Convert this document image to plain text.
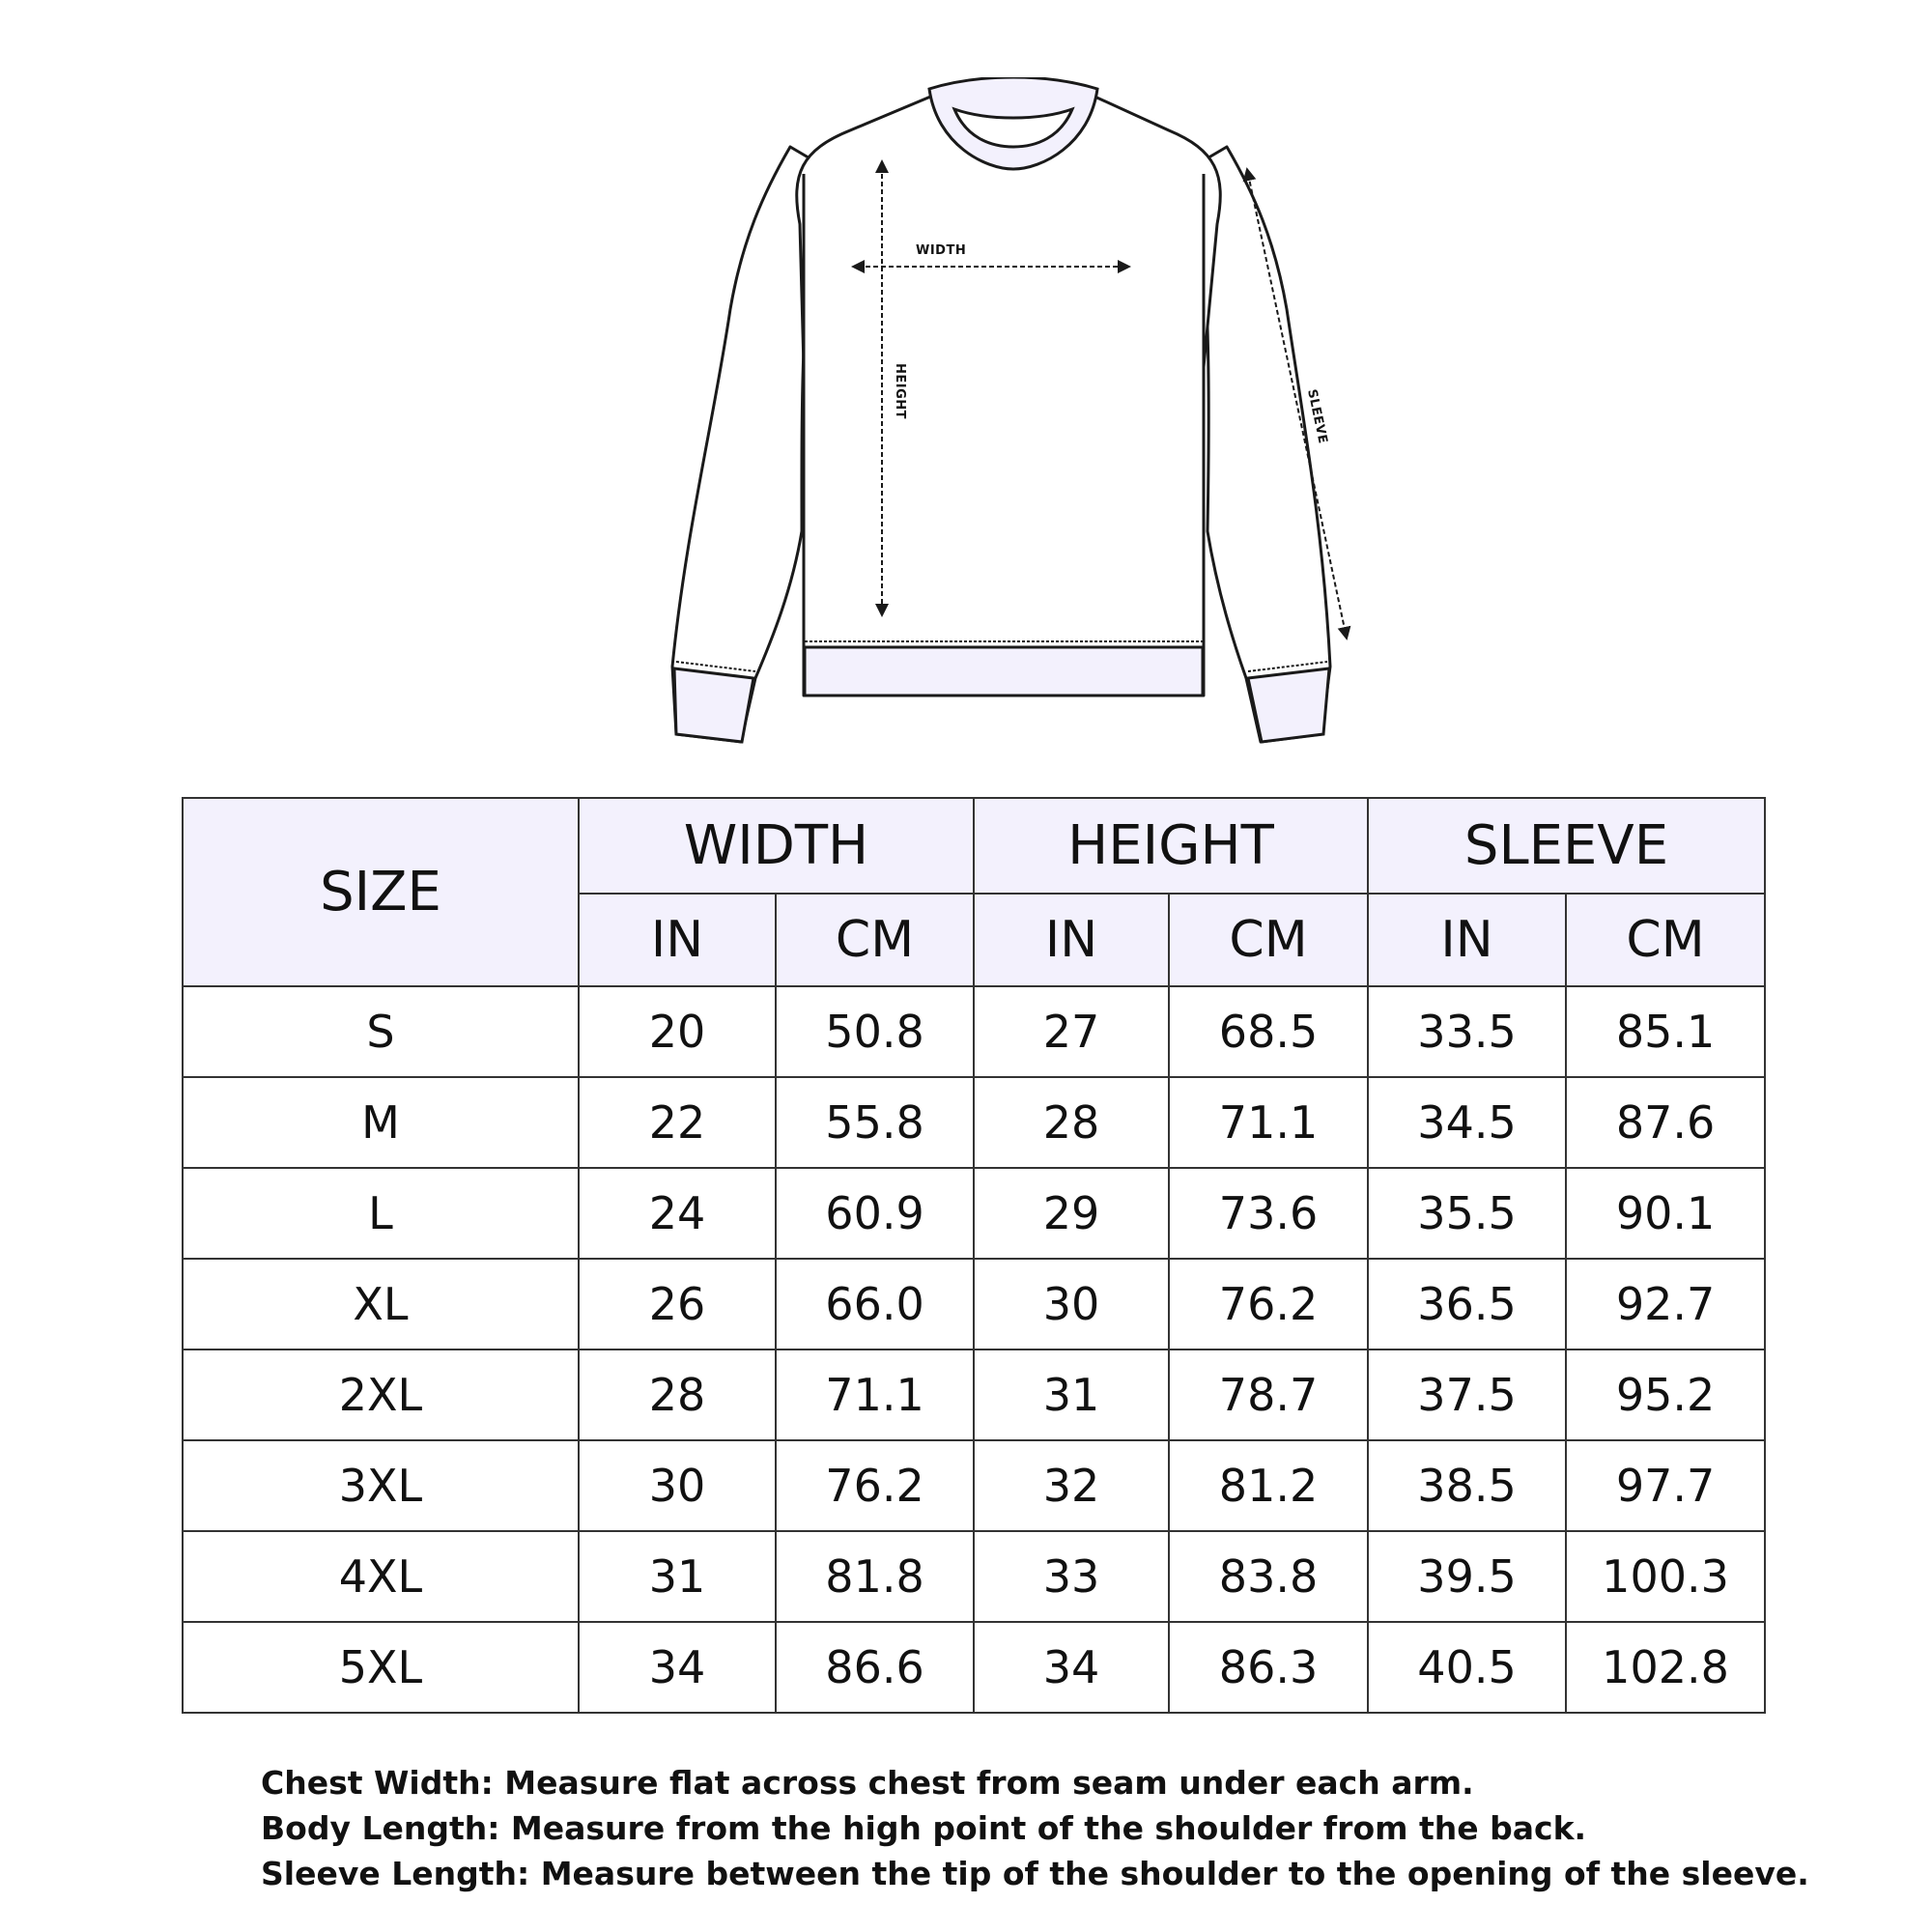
WIDTH
HEIGHT	SLEEVE
SIZE	WIDTH		HEIGHT		SLEEVE	
	IN	CM	IN	CM	IN	CM
S	20	50.8	27	68.5	33.5	85.1
M	22	55.8	28	71.1	34.5	87.6
L	24	60.9	29	73.6	35.5	90.1
XL	26	66.0	30	76.2	36.5	92.7
2XL	28	71.1	31	78.7	37.5	95.2
3XL	30	76.2	32	81.2	38.5	97.7
4XL	31	81.8	33	83.8	39.5	100.3
5XL	34	86.6	34	86.3	40.5	102.8
Chest Width: Measure flat across chest from seam under each arm.
Body Length: Measure from the high point of the shoulder from the back.
Sleeve Length: Measure between the tip of the shoulder to the opening of the sleeve.
